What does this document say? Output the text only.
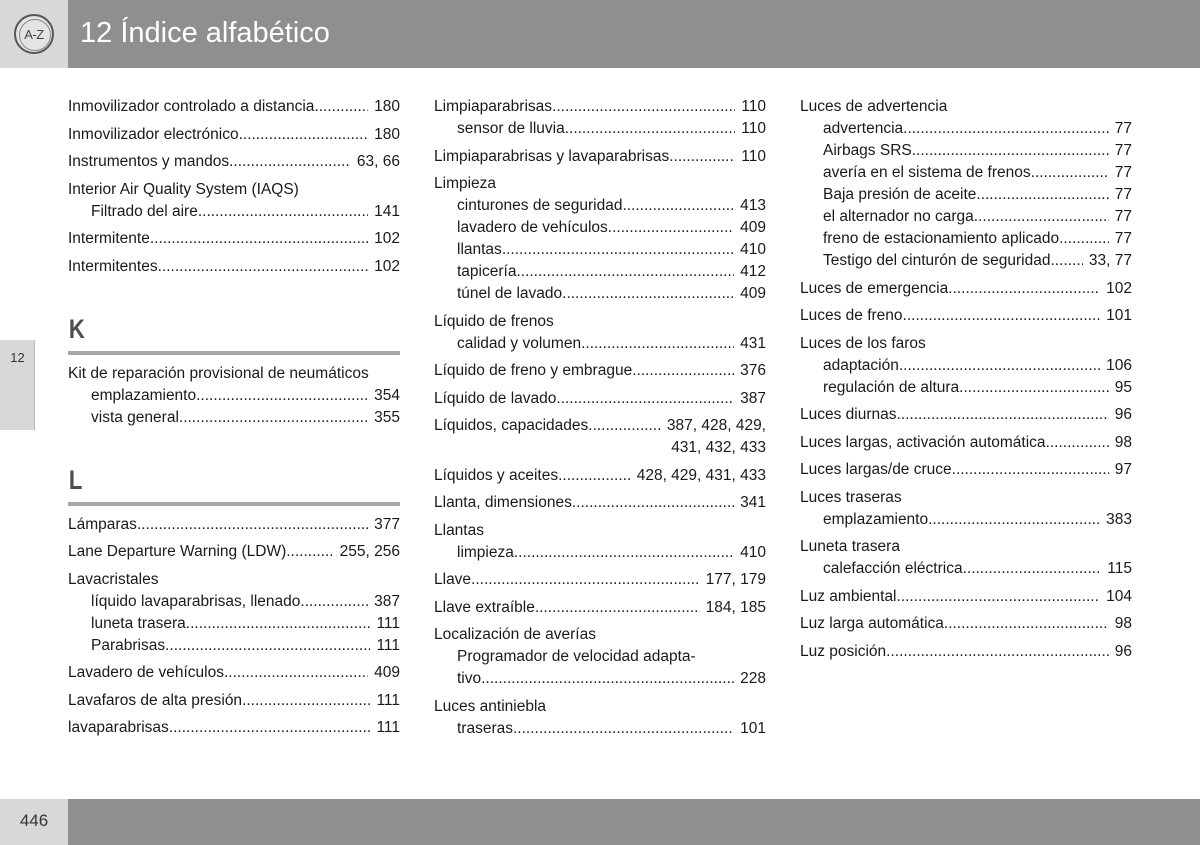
A-Z 12 Índice alfabético
12
Inmovilizador controlado a distancia .....	180
Inmovilizador electrónico .....	180
Instrumentos y mandos .....	63, 66
Interior Air Quality System (IAQS)
Filtrado del aire .....	141
Intermitente .....	102
Intermitentes .....	102
K
Kit de reparación provisional de neumáticos
emplazamiento .....	354
vista general .....	355
L
Lámparas .....	377
Lane Departure Warning (LDW) .....	255, 256
Lavacristales
líquido lavaparabrisas, llenado .....	387
luneta trasera .....	111
Parabrisas .....	111
Lavadero de vehículos .....	409
Lavafaros de alta presión .....	111
lavaparabrisas .....	111
Limpiaparabrisas .....	110
sensor de lluvia .....	110
Limpiaparabrisas y lavaparabrisas .....	110
Limpieza
cinturones de seguridad .....	413
lavadero de vehículos .....	409
llantas .....	410
tapicería .....	412
túnel de lavado .....	409
Líquido de frenos
calidad y volumen .....	431
Líquido de freno y embrague .....	376
Líquido de lavado .....	387
Líquidos, capacidades .....	387, 428, 429,
431, 432, 433
Líquidos y aceites .....	428, 429, 431, 433
Llanta, dimensiones .....	341
Llantas
limpieza .....	410
Llave .....	177, 179
Llave extraíble .....	184, 185
Localización de averías
Programador de velocidad adapta-
tivo .....	228
Luces antiniebla
traseras .....	101
Luces de advertencia
advertencia .....	77
Airbags SRS .....	77
avería en el sistema de frenos .....	77
Baja presión de aceite .....	77
el alternador no carga .....	77
freno de estacionamiento aplicado .....	77
Testigo del cinturón de seguridad .....	33, 77
Luces de emergencia .....	102
Luces de freno .....	101
Luces de los faros
adaptación .....	106
regulación de altura .....	95
Luces diurnas .....	96
Luces largas, activación automática .....	98
Luces largas/de cruce .....	97
Luces traseras
emplazamiento .....	383
Luneta trasera
calefacción eléctrica .....	115
Luz ambiental .....	104
Luz larga automática .....	98
Luz posición .....	96
446
